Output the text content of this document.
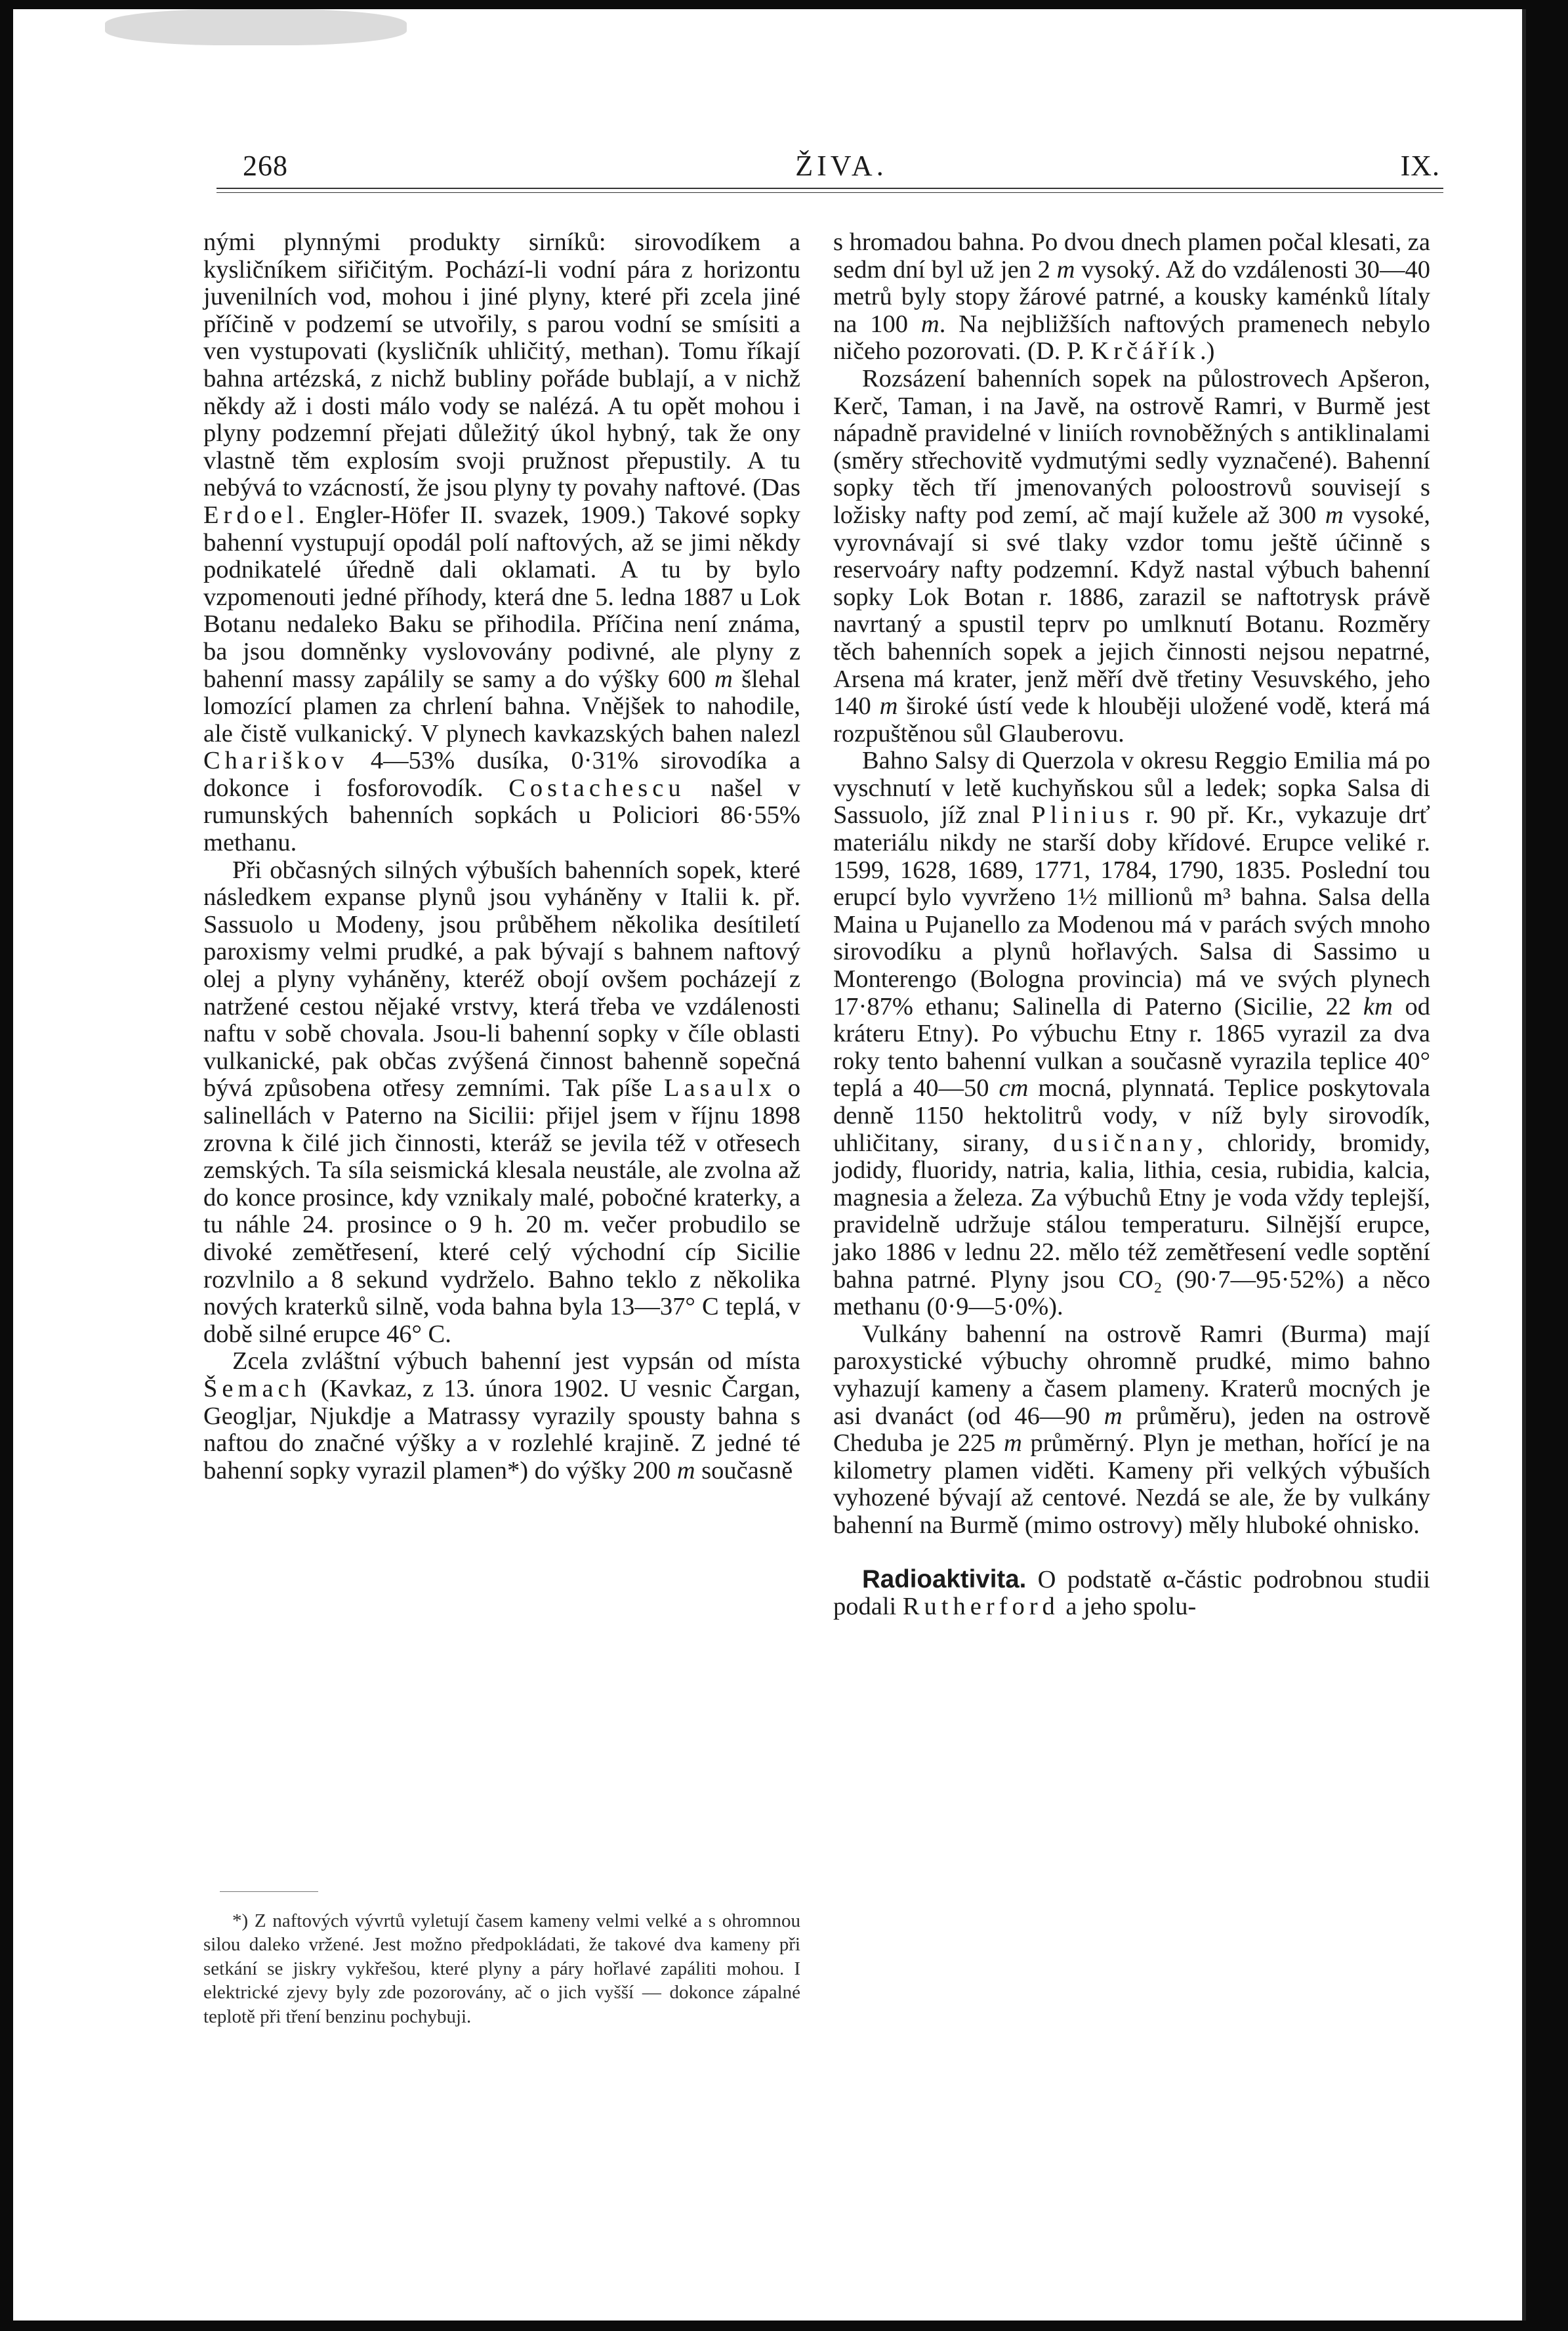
268	ŽIVA.	IX.

nými plynnými produkty sirníků: sirovodíkem a kysličníkem siřičitým. Pochází-li vodní pára z horizontu juvenilních vod, mohou i jiné plyny, které při zcela jiné příčině v podzemí se utvořily, s parou vodní se smísiti a ven vystupovati (kysličník uhličitý, methan). Tomu říkají bahna artézská, z nichž bubliny pořáde bublají, a v nichž někdy až i dosti málo vody se nalézá. A tu opět mohou i plyny podzemní přejati důležitý úkol hybný, tak že ony vlastně těm explosím svoji pružnost přepustily. A tu nebývá to vzácností, že jsou plyny ty povahy naftové. (Das Erdoel. Engler-Höfer II. svazek, 1909.) Takové sopky bahenní vystupují opodál polí naftových, až se jimi někdy podnikatelé úředně dali oklamati. A tu by bylo vzpomenouti jedné příhody, která dne 5. ledna 1887 u Lok Botanu nedaleko Baku se přihodila. Příčina není známa, ba jsou domněnky vyslovovány podivné, ale plyny z bahenní massy zapálily se samy a do výšky 600 m šlehal lomozící plamen za chrlení bahna. Vnějšek to nahodile, ale čistě vulkanický. V plynech kavkazských bahen nalezl Chariškov 4—53% dusíka, 0·31% sirovodíka a dokonce i fosforovodík. Costachescu našel v rumunských bahenních sopkách u Policiori 86·55% methanu.

Při občasných silných výbuších bahenních sopek, které následkem expanse plynů jsou vyháněny v Italii k. př. Sassuolo u Modeny, jsou průběhem několika desítiletí paroxismy velmi prudké, a pak bývají s bahnem naftový olej a plyny vyháněny, kteréž obojí ovšem pocházejí z natržené cestou nějaké vrstvy, která třeba ve vzdálenosti naftu v sobě chovala. Jsou-li bahenní sopky v číle oblasti vulkanické, pak občas zvýšená činnost bahenně sopečná bývá způsobena otřesy zemními. Tak píše Lasaulx o salinellách v Paterno na Sicilii: přijel jsem v říjnu 1898 zrovna k čilé jich činnosti, kteráž se jevila též v otřesech zemských. Ta síla seismická klesala neustále, ale zvolna až do konce prosince, kdy vznikaly malé, pobočné kraterky, a tu náhle 24. prosince o 9 h. 20 m. večer probudilo se divoké zemětřesení, které celý východní cíp Sicilie rozvlnilo a 8 sekund vydrželo. Bahno teklo z několika nových kraterků silně, voda bahna byla 13—37° C teplá, v době silné erupce 46° C.

Zcela zvláštní výbuch bahenní jest vypsán od místa Šemach (Kavkaz, z 13. února 1902. U vesnic Čargan, Geogljar, Njukdje a Matrassy vyrazily spousty bahna s naftou do značné výšky a v rozlehlé krajině. Z jedné té bahenní sopky vyrazil plamen*) do výšky 200 m současně

*) Z naftových vývrtů vyletují časem kameny velmi velké a s ohromnou silou daleko vržené. Jest možno předpokládati, že takové dva kameny při setkání se jiskry vykřešou, které plyny a páry hořlavé zapáliti mohou. I elektrické zjevy byly zde pozorovány, ač o jich vyšší — dokonce zápalné teplotě při tření benzinu pochybuji.

s hromadou bahna. Po dvou dnech plamen počal klesati, za sedm dní byl už jen 2 m vysoký. Až do vzdálenosti 30—40 metrů byly stopy žárové patrné, a kousky kaménků lítaly na 100 m. Na nejbližších naftových pramenech nebylo ničeho pozorovati. (D. P. Krčářík.)

Rozsázení bahenních sopek na půlostrovech Apšeron, Kerč, Taman, i na Javě, na ostrově Ramri, v Burmě jest nápadně pravidelné v liniích rovnoběžných s antiklinalami (směry střechovitě vydmutými sedly vyznačené). Bahenní sopky těch tří jmenovaných poloostrovů souvisejí s ložisky nafty pod zemí, ač mají kužele až 300 m vysoké, vyrovnávají si své tlaky vzdor tomu ještě účinně s reservoáry nafty podzemní. Když nastal výbuch bahenní sopky Lok Botan r. 1886, zarazil se naftotrysk právě navrtaný a spustil teprv po umlknutí Botanu. Rozměry těch bahenních sopek a jejich činnosti nejsou nepatrné, Arsena má krater, jenž měří dvě třetiny Vesuvského, jeho 140 m široké ústí vede k hlouběji uložené vodě, která má rozpuštěnou sůl Glauberovu.

Bahno Salsy di Querzola v okresu Reggio Emilia má po vyschnutí v letě kuchyňskou sůl a ledek; sopka Salsa di Sassuolo, jíž znal Plinius r. 90 př. Kr., vykazuje drť materiálu nikdy ne starší doby křídové. Erupce veliké r. 1599, 1628, 1689, 1771, 1784, 1790, 1835. Poslední tou erupcí bylo vyvrženo 1½ millionů m³ bahna. Salsa della Maina u Pujanello za Modenou má v parách svých mnoho sirovodíku a plynů hořlavých. Salsa di Sassimo u Monterengo (Bologna provincia) má ve svých plynech 17·87% ethanu; Salinella di Paterno (Sicilie, 22 km od kráteru Etny). Po výbuchu Etny r. 1865 vyrazil za dva roky tento bahenní vulkan a současně vyrazila teplice 40° teplá a 40—50 cm mocná, plynnatá. Teplice poskytovala denně 1150 hektolitrů vody, v níž byly sirovodík, uhličitany, sirany, dusičnany, chloridy, bromidy, jodidy, fluoridy, natria, kalia, lithia, cesia, rubidia, kalcia, magnesia a železa. Za výbuchů Etny je voda vždy teplejší, pravidelně udržuje stálou temperaturu. Silnější erupce, jako 1886 v lednu 22. mělo též zemětřesení vedle soptění bahna patrné. Plyny jsou CO₂ (90·7—95·52%) a něco methanu (0·9—5·0%).

Vulkány bahenní na ostrově Ramri (Burma) mají paroxystické výbuchy ohromně prudké, mimo bahno vyhazují kameny a časem plameny. Kraterů mocných je asi dvanáct (od 46—90 m průměru), jeden na ostrově Cheduba je 225 m průměrný. Plyn je methan, hořící je na kilometry plamen viděti. Kameny při velkých výbuších vyhozené bývají až centové. Nezdá se ale, že by vulkány bahenní na Burmě (mimo ostrovy) měly hluboké ohnisko.

Radioaktivita. O podstatě α-částic podrobnou studii podali Rutherford a jeho spolu-
